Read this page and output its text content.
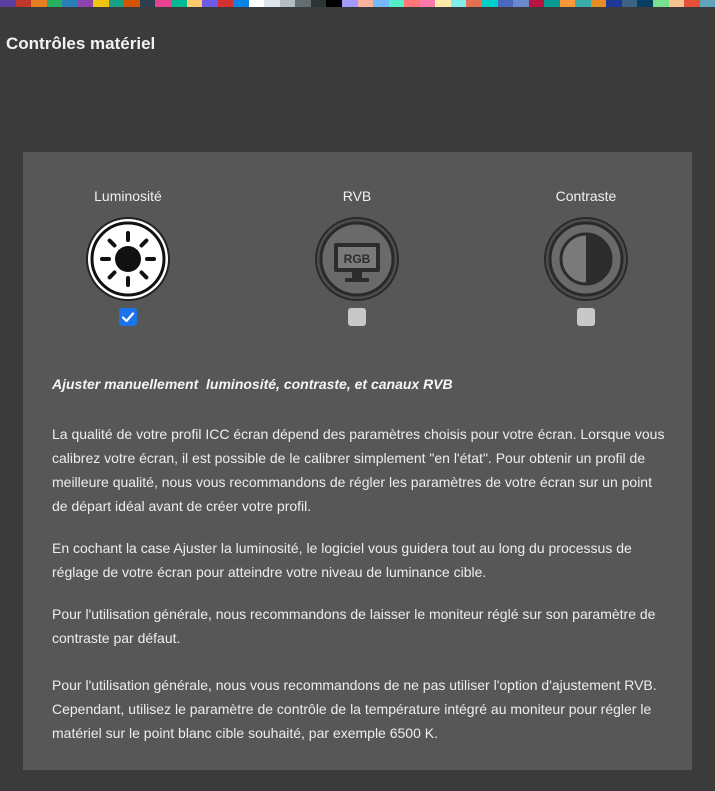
Contrôles matériel
Luminosité	RVB
RGB
Contraste
Ajuster manuellement  luminosité, contraste, et canaux RVB
La qualité de votre profil ICC écran dépend des paramètres choisis pour votre écran. Lorsque vous calibrez votre écran, il est possible de le calibrer simplement "en l'état". Pour obtenir un profil de meilleure qualité, nous vous recommandons de régler les paramètres de votre écran sur un point de départ idéal avant de créer votre profil.
En cochant la case Ajuster la luminosité, le logiciel vous guidera tout au long du processus de réglage de votre écran pour atteindre votre niveau de luminance cible.
Pour l'utilisation générale, nous recommandons de laisser le moniteur réglé sur son paramètre de contraste par défaut.
Pour l'utilisation générale, nous vous recommandons de ne pas utiliser l'option d'ajustement RVB. Cependant, utilisez le paramètre de contrôle de la température intégré au moniteur pour régler le matériel sur le point blanc cible souhaité, par exemple 6500 K.
